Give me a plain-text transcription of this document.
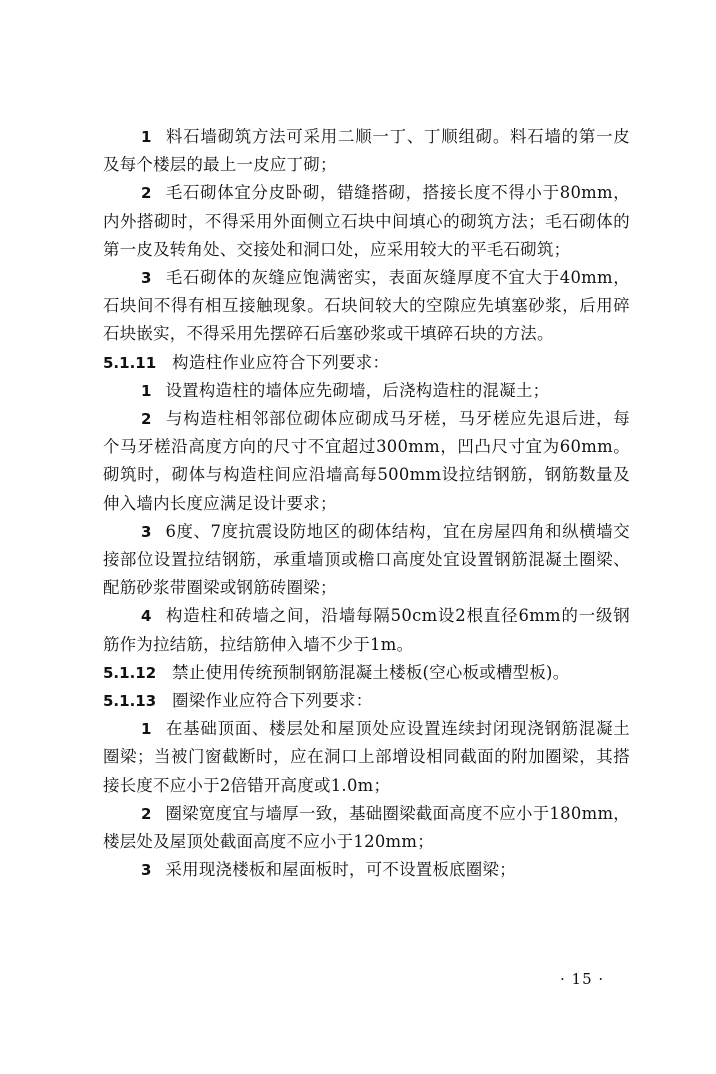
1 料石墙砌筑方法可采用二顺一丁、丁顺组砌。料石墙的第一皮及每个楼层的最上一皮应丁砌；

2 毛石砌体宜分皮卧砌，错缝搭砌，搭接长度不得小于80mm，内外搭砌时，不得采用外面侧立石块中间填心的砌筑方法；毛石砌体的第一皮及转角处、交接处和洞口处，应采用较大的平毛石砌筑；

3 毛石砌体的灰缝应饱满密实，表面灰缝厚度不宜大于40mm，石块间不得有相互接触现象。石块间较大的空隙应先填塞砂浆，后用碎石块嵌实，不得采用先摆碎石后塞砂浆或干填碎石块的方法。

5.1.11 构造柱作业应符合下列要求：

1 设置构造柱的墙体应先砌墙，后浇构造柱的混凝土；

2 与构造柱相邻部位砌体应砌成马牙槎，马牙槎应先退后进，每个马牙槎沿高度方向的尺寸不宜超过300mm，凹凸尺寸宜为60mm。砌筑时，砌体与构造柱间应沿墙高每500mm设拉结钢筋，钢筋数量及伸入墙内长度应满足设计要求；

3 6度、7度抗震设防地区的砌体结构，宜在房屋四角和纵横墙交接部位设置拉结钢筋，承重墙顶或檐口高度处宜设置钢筋混凝土圈梁、配筋砂浆带圈梁或钢筋砖圈梁；

4 构造柱和砖墙之间，沿墙每隔50cm设2根直径6mm的一级钢筋作为拉结筋，拉结筋伸入墙不少于1m。

5.1.12 禁止使用传统预制钢筋混凝土楼板(空心板或槽型板)。

5.1.13 圈梁作业应符合下列要求：

1 在基础顶面、楼层处和屋顶处应设置连续封闭现浇钢筋混凝土圈梁；当被门窗截断时，应在洞口上部增设相同截面的附加圈梁，其搭接长度不应小于2倍错开高度或1.0m；

2 圈梁宽度宜与墙厚一致，基础圈梁截面高度不应小于180mm，楼层处及屋顶处截面高度不应小于120mm；

3 采用现浇楼板和屋面板时，可不设置板底圈梁；

· 15 ·
